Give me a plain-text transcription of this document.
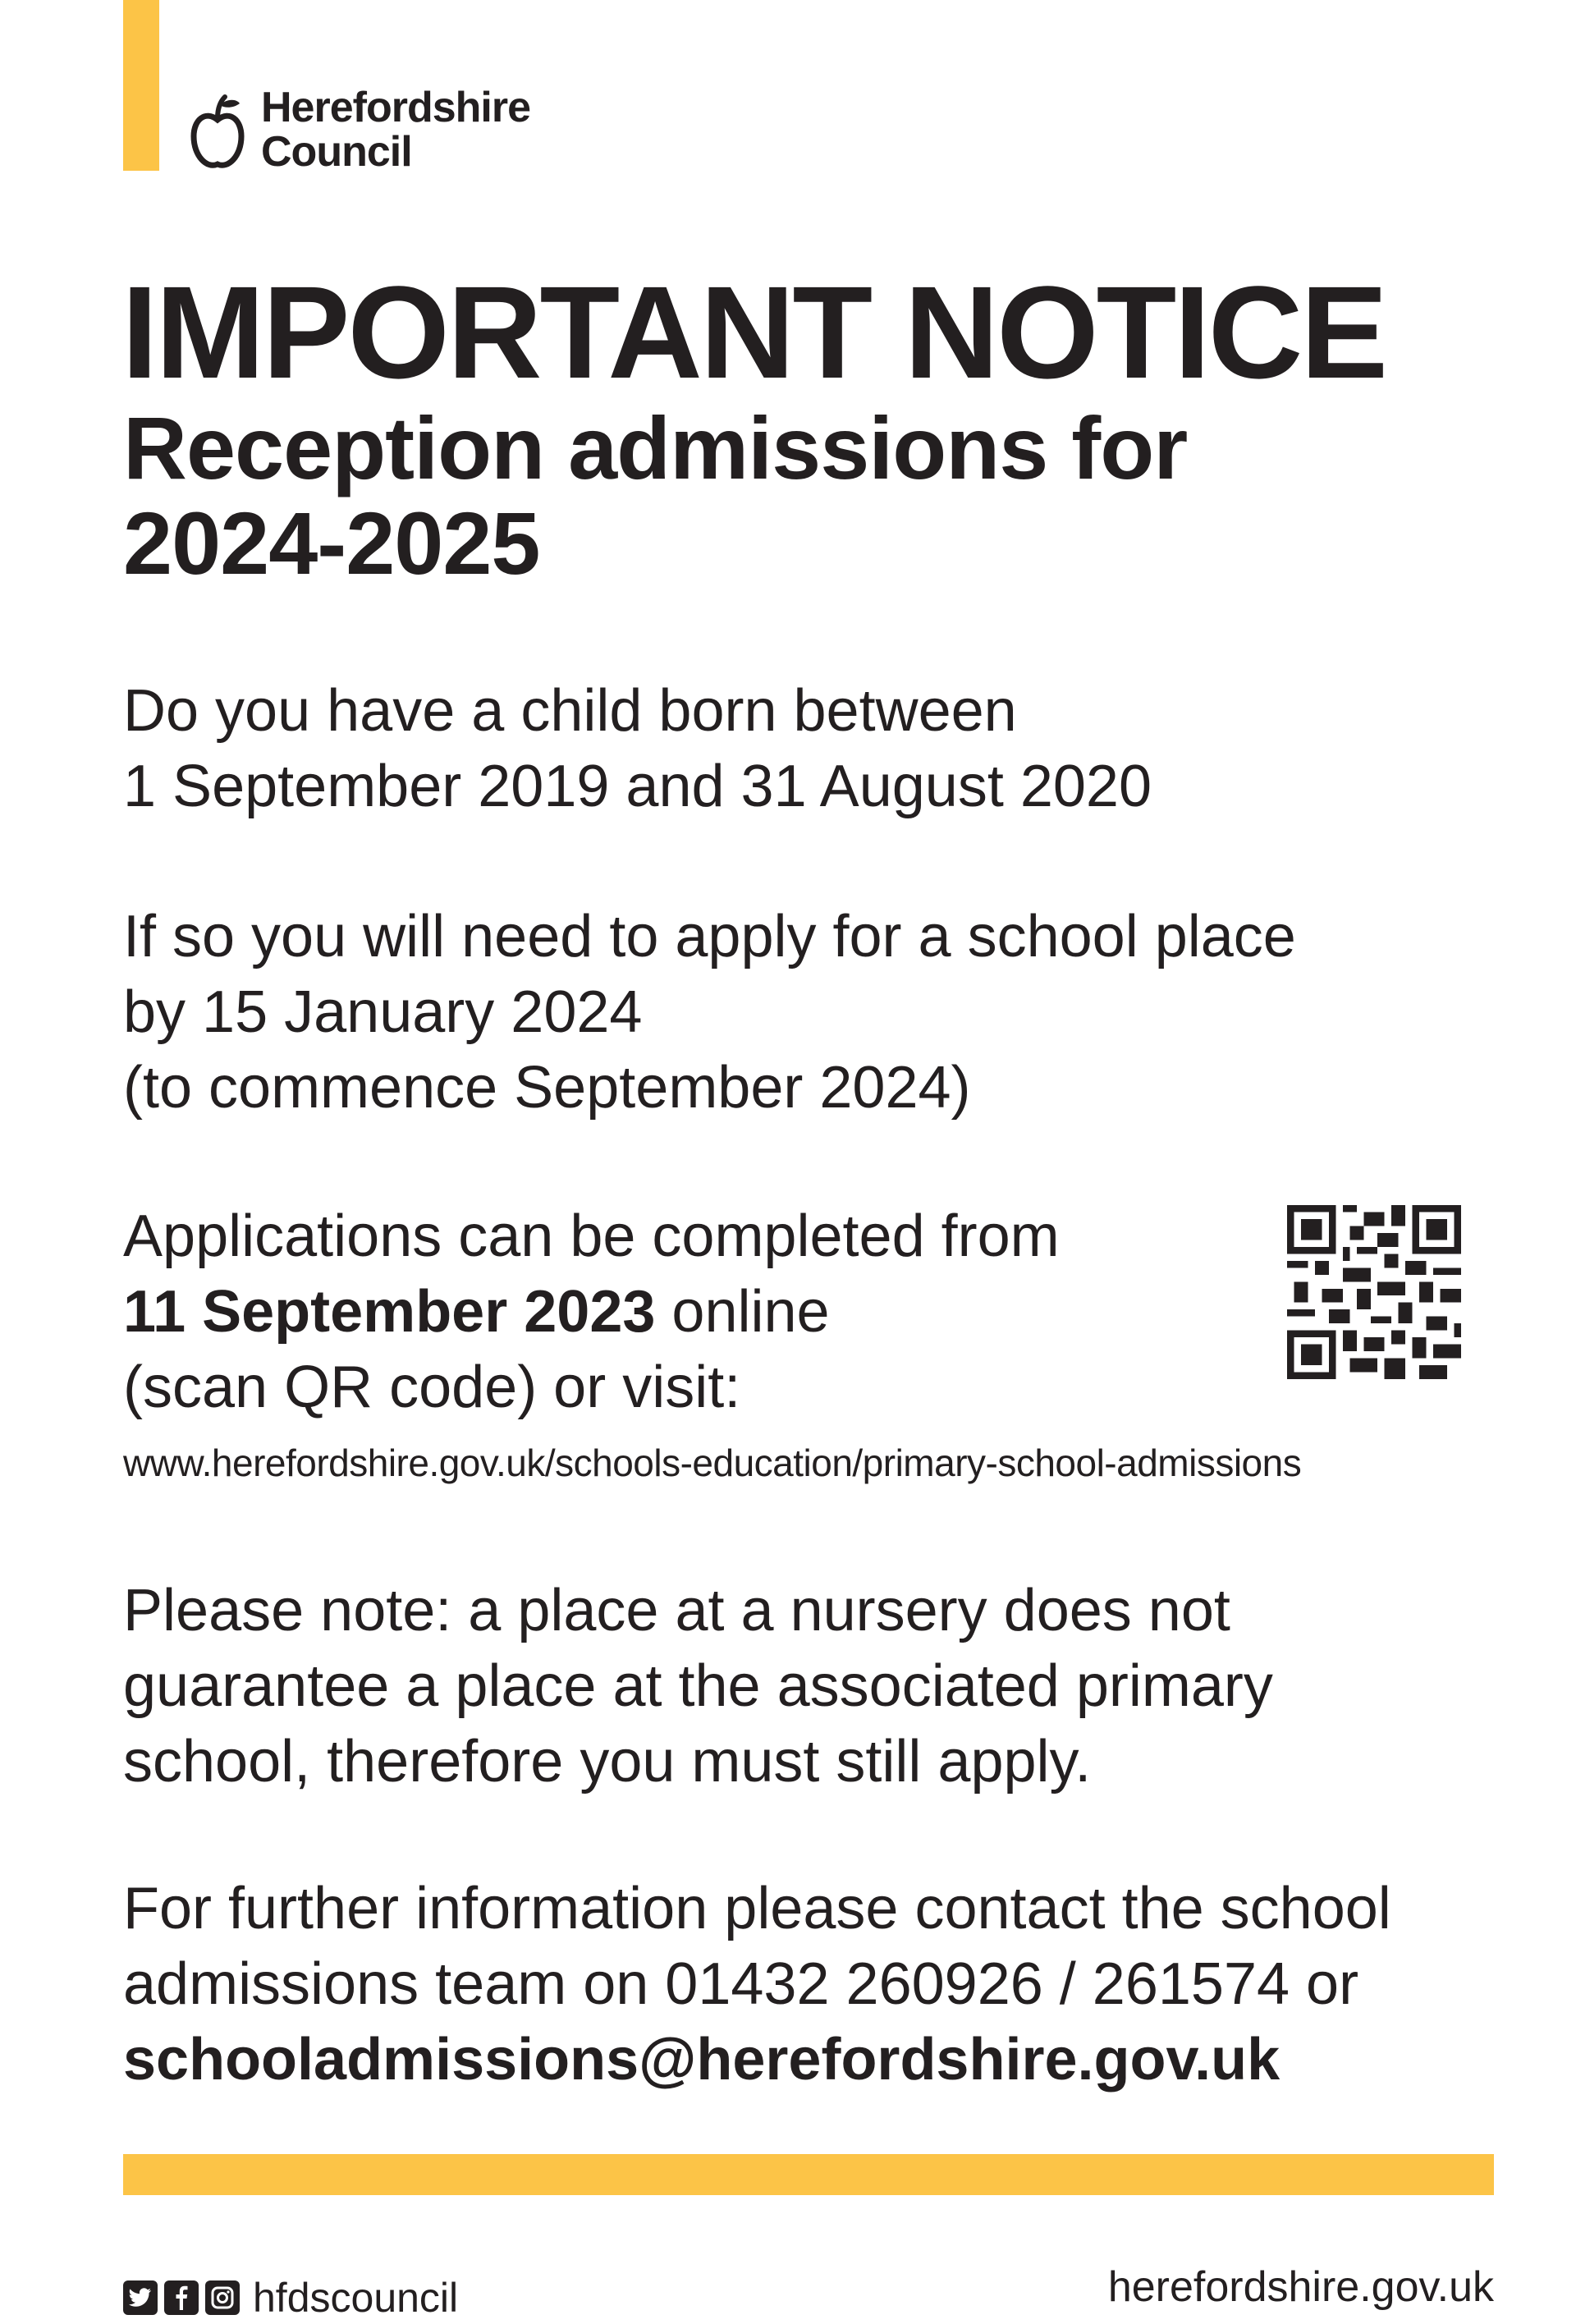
Herefordshire
Council
IMPORTANT NOTICE
Reception admissions for
2024-2025
Do you have a child born between
1 September 2019 and 31 August 2020
If so you will need to apply for a school place
by 15 January 2024
(to commence September 2024)
Applications can be completed from
11 September 2023 online
(scan QR code) or visit:
www.herefordshire.gov.uk/schools-education/primary-school-admissions
Please note: a place at a nursery does not
guarantee a place at the associated primary
school, therefore you must still apply.
For further information please contact the school
admissions team on 01432 260926 / 261574 or
schooladmissions@herefordshire.gov.uk
hfdscouncil	herefordshire.gov.uk
